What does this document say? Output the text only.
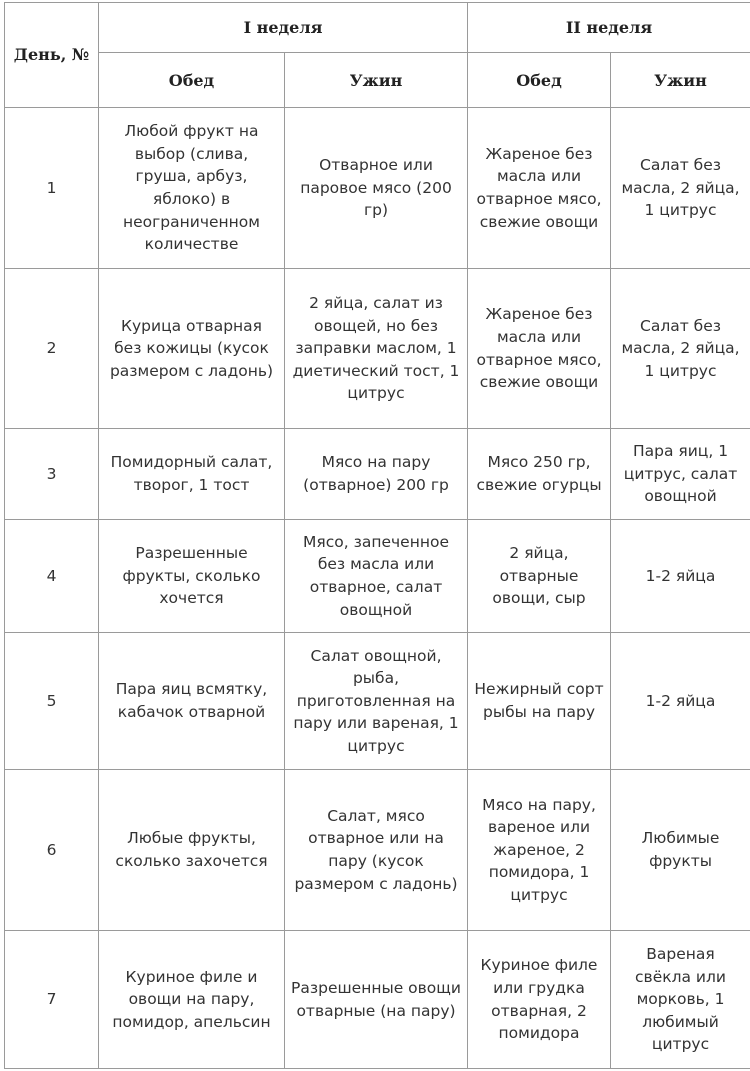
День, №	I неделя		II неделя	
	Обед	Ужин	Обед	Ужин
1	Любой фрукт на выбор (слива, груша, арбуз, яблоко) в неограниченном количестве	Отварное или паровое мясо (200 гр)	Жареное без масла или отварное мясо, свежие овощи	Салат без масла, 2 яйца, 1 цитрус
2	Курица отварная без кожицы (кусок размером с ладонь)	2 яйца, салат из овощей, но без заправки маслом, 1 диетический тост, 1 цитрус	Жареное без масла или отварное мясо, свежие овощи	Салат без масла, 2 яйца, 1 цитрус
3	Помидорный салат, творог, 1 тост	Мясо на пару (отварное) 200 гр	Мясо 250 гр, свежие огурцы	Пара яиц, 1 цитрус, салат овощной
4	Разрешенные фрукты, сколько хочется	Мясо, запеченное без масла или отварное, салат овощной	2 яйца, отварные овощи, сыр	1-2 яйца
5	Пара яиц всмятку, кабачок отварной	Салат овощной, рыба, приготовленная на пару или вареная, 1 цитрус	Нежирный сорт рыбы на пару	1-2 яйца
6	Любые фрукты, сколько захочется	Салат, мясо отварное или на пару (кусок размером с ладонь)	Мясо на пару, вареное или жареное, 2 помидора, 1 цитрус	Любимые фрукты
7	Куриное филе и овощи на пару, помидор, апельсин	Разрешенные овощи отварные (на пару)	Куриное филе или грудка отварная, 2 помидора	Вареная свёкла или морковь, 1 любимый цитрус
